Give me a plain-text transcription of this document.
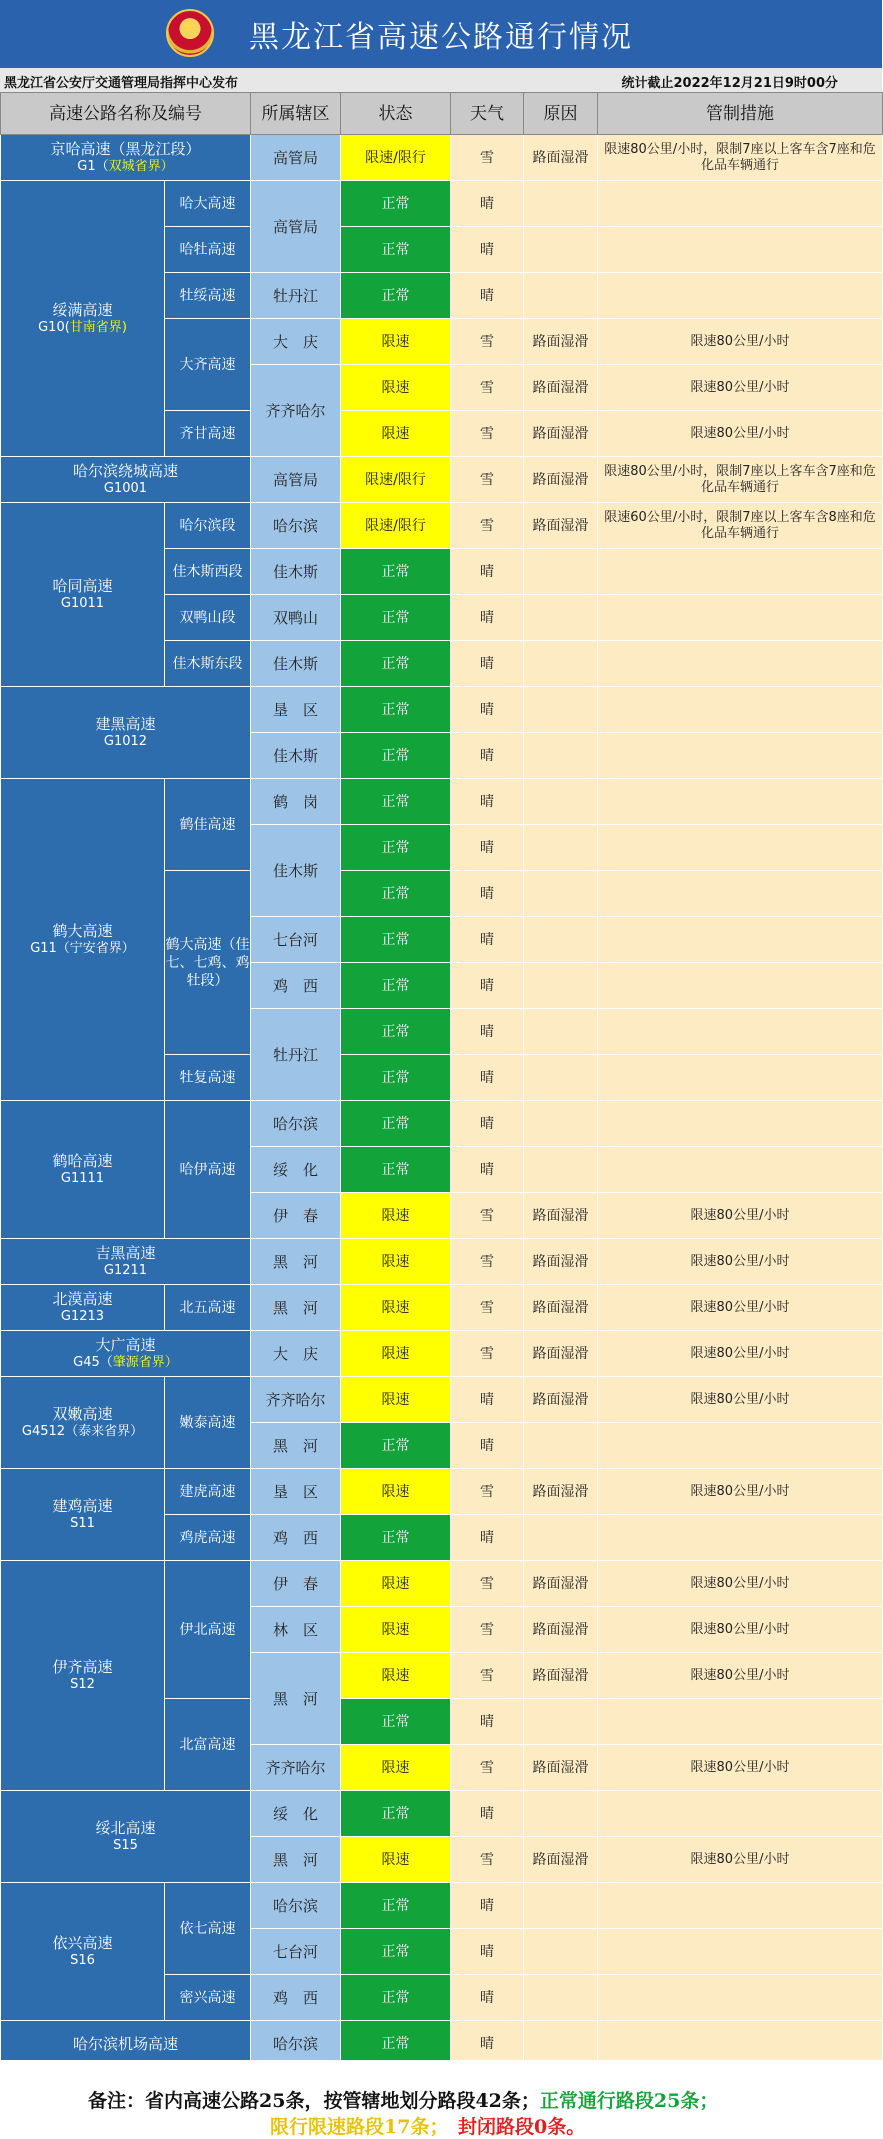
★
黑龙江省高速公路通行情况
黑龙江省公安厅交通管理局指挥中心发布	统计截止2022年12月21日9时00分
高速公路名称及编号		所属辖区	状态	天气	原因	管制措施
京哈高速（黑龙江段）
G1（双城省界）		高管局	限速/限行	雪	路面湿滑	限速80公里/小时，限制7座以上客车含7座和危化品车辆通行
绥满高速
G10(甘南省界)	哈大高速	高管局	正常	晴		
	哈牡高速		正常	晴		
	牡绥高速	牡丹江	正常	晴		
	大齐高速	大　庆	限速	雪	路面湿滑	限速80公里/小时
		齐齐哈尔	限速	雪	路面湿滑	限速80公里/小时
	齐甘高速		限速	雪	路面湿滑	限速80公里/小时
哈尔滨绕城高速
G1001		高管局	限速/限行	雪	路面湿滑	限速80公里/小时，限制7座以上客车含7座和危化品车辆通行
哈同高速
G1011	哈尔滨段	哈尔滨	限速/限行	雪	路面湿滑	限速60公里/小时，限制7座以上客车含8座和危化品车辆通行
	佳木斯西段	佳木斯	正常	晴		
	双鸭山段	双鸭山	正常	晴		
	佳木斯东段	佳木斯	正常	晴		
建黑高速
G1012		垦　区	正常	晴		
		佳木斯	正常	晴		
鹤大高速
G11（宁安省界）	鹤佳高速	鹤　岗	正常	晴		
		佳木斯	正常	晴		
	鹤大高速（佳七、七鸡、鸡牡段）		正常	晴		
		七台河	正常	晴		
		鸡　西	正常	晴		
		牡丹江	正常	晴		
	牡复高速		正常	晴		
鹤哈高速
G1111	哈伊高速	哈尔滨	正常	晴		
		绥　化	正常	晴		
		伊　春	限速	雪	路面湿滑	限速80公里/小时
吉黑高速
G1211		黑　河	限速	雪	路面湿滑	限速80公里/小时
北漠高速
G1213	北五高速	黑　河	限速	雪	路面湿滑	限速80公里/小时
大广高速
G45（肇源省界）		大　庆	限速	雪	路面湿滑	限速80公里/小时
双嫩高速
G4512（泰来省界）	嫩泰高速	齐齐哈尔	限速	晴	路面湿滑	限速80公里/小时
		黑　河	正常	晴		
建鸡高速
S11	建虎高速	垦　区	限速	雪	路面湿滑	限速80公里/小时
	鸡虎高速	鸡　西	正常	晴		
伊齐高速
S12	伊北高速	伊　春	限速	雪	路面湿滑	限速80公里/小时
		林　区	限速	雪	路面湿滑	限速80公里/小时
		黑　河	限速	雪	路面湿滑	限速80公里/小时
	北富高速		正常	晴		
		齐齐哈尔	限速	雪	路面湿滑	限速80公里/小时
绥北高速
S15		绥　化	正常	晴		
		黑　河	限速	雪	路面湿滑	限速80公里/小时
依兴高速
S16	依七高速	哈尔滨	正常	晴		
		七台河	正常	晴		
	密兴高速	鸡　西	正常	晴		
哈尔滨机场高速		哈尔滨	正常	晴		
备注：省内高速公路25条，按管辖地划分路段42条；正常通行路段25条；
限行限速路段17条；　 封闭路段0条。
